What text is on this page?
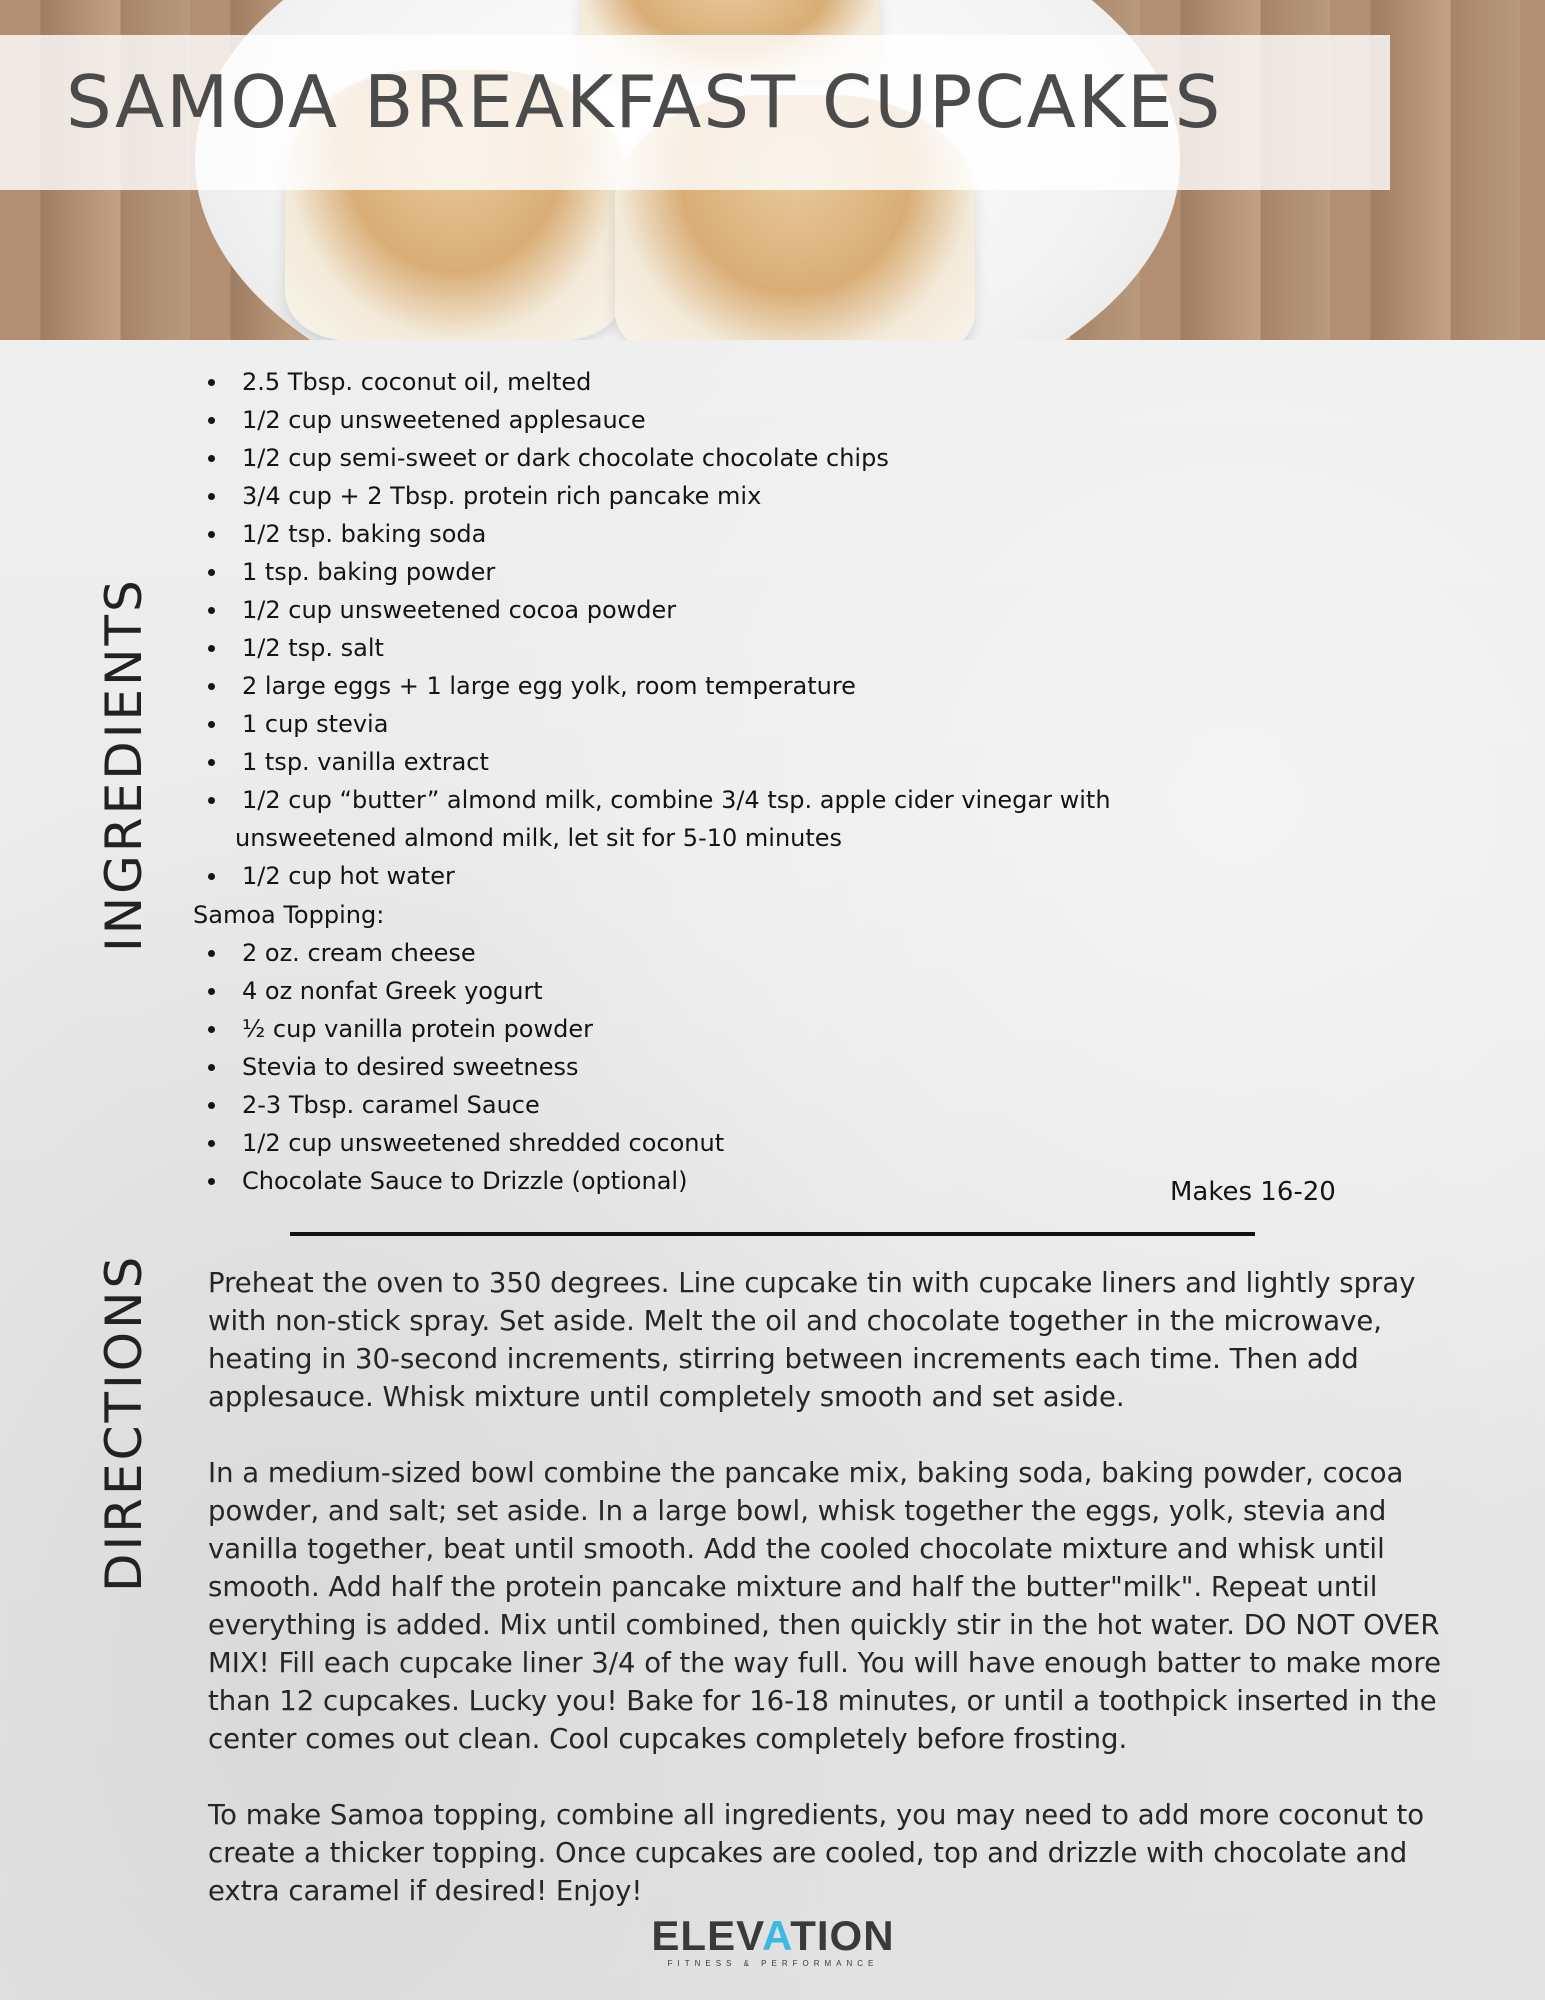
SAMOA BREAKFAST CUPCAKES
INGREDIENTS
DIRECTIONS
2.5 Tbsp. coconut oil, melted
1/2 cup unsweetened applesauce
1/2 cup semi-sweet or dark chocolate chocolate chips
3/4 cup + 2 Tbsp. protein rich pancake mix
1/2 tsp. baking soda
1 tsp. baking powder
1/2 cup unsweetened cocoa powder
1/2 tsp. salt
2 large eggs + 1 large egg yolk, room temperature
1 cup stevia
1 tsp. vanilla extract
1/2 cup “butter” almond milk, combine 3/4 tsp. apple cider vinegar with
unsweetened almond milk, let sit for 5-10 minutes
1/2 cup hot water

Samoa Topping:

2 oz. cream cheese
4 oz nonfat Greek yogurt
½ cup vanilla protein powder
Stevia to desired sweetness
2-3 Tbsp. caramel Sauce
1/2 cup unsweetened shredded coconut
Chocolate Sauce to Drizzle (optional)	Makes 16-20

Preheat the oven to 350 degrees. Line cupcake tin with cupcake liners and lightly spray with non-stick spray. Set aside. Melt the oil and chocolate together in the microwave, heating in 30-second increments, stirring between increments each time. Then add applesauce. Whisk mixture until completely smooth and set aside.

In a medium-sized bowl combine the pancake mix, baking soda, baking powder, cocoa powder, and salt; set aside. In a large bowl, whisk together the eggs, yolk, stevia and vanilla together, beat until smooth. Add the cooled chocolate mixture and whisk until smooth. Add half the protein pancake mixture and half the butter"milk". Repeat until everything is added. Mix until combined, then quickly stir in the hot water. DO NOT OVER MIX! Fill each cupcake liner 3/4 of the way full. You will have enough batter to make more than 12 cupcakes. Lucky you! Bake for 16-18 minutes, or until a toothpick inserted in the center comes out clean. Cool cupcakes completely before frosting.

To make Samoa topping, combine all ingredients, you may need to add more coconut to create a thicker topping. Once cupcakes are cooled, top and drizzle with chocolate and extra caramel if desired! Enjoy!

ELEVATION
FITNESS & PERFORMANCE
